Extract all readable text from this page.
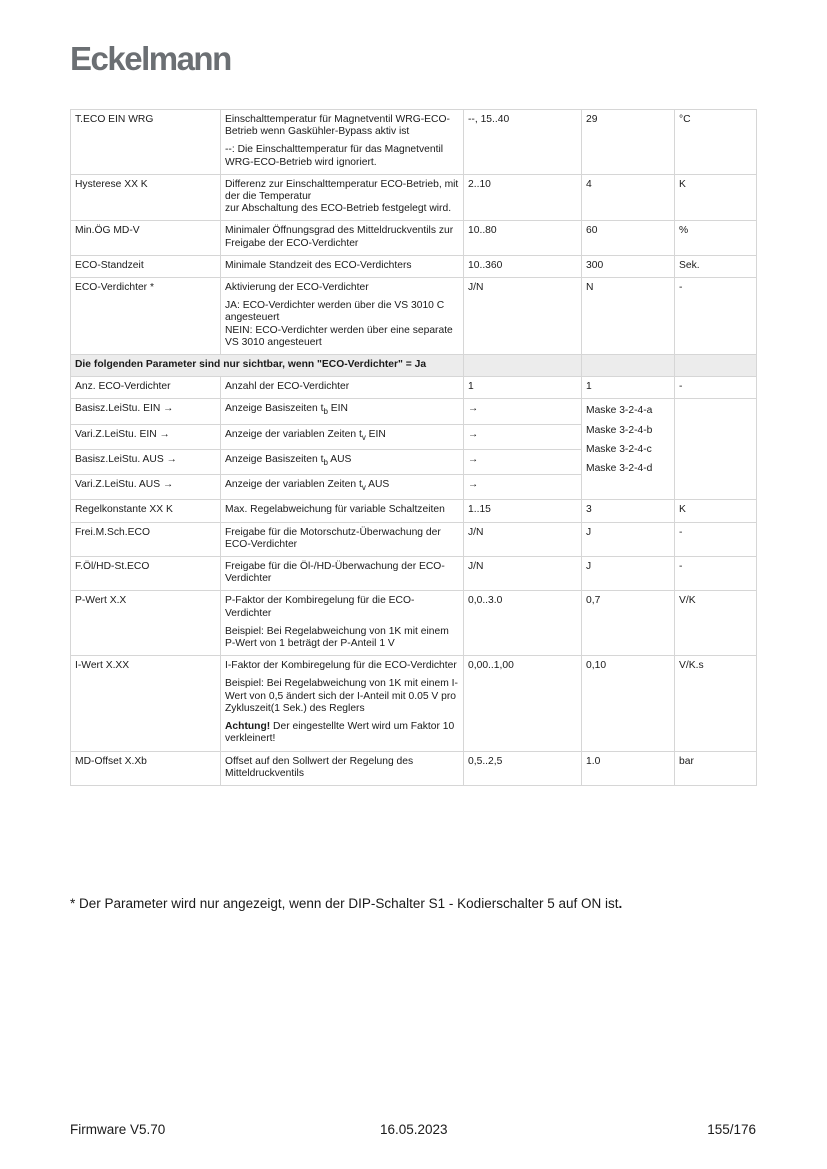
Eckelmann
T.ECO EIN WRG	Einschalttemperatur für Magnetventil WRG-ECO-Betrieb wenn Gaskühler-Bypass aktiv ist

--: Die Einschalttemperatur für das Magnetventil WRG-ECO-Betrieb wird ignoriert.	--, 15..40	29	°C
Hysterese XX K	Differenz zur Einschalttemperatur ECO-Betrieb, mit der die Temperatur
zur Abschaltung des ECO-Betrieb festgelegt wird.	2..10	4	K
Min.ÖG MD-V	Minimaler Öffnungsgrad des Mitteldruckventils zur Freigabe der ECO-Verdichter	10..80	60	%
ECO-Standzeit	Minimale Standzeit des ECO-Verdichters	10..360	300	Sek.
ECO-Verdichter *	Aktivierung der ECO-Verdichter

JA: ECO-Verdichter werden über die VS 3010 C angesteuert
NEIN: ECO-Verdichter werden über eine separate VS 3010 angesteuert	J/N	N	-
Die folgenden Parameter sind nur sichtbar, wenn "ECO-Verdichter" = Ja				
Anz. ECO-Verdichter	Anzahl der ECO-Verdichter	1	1	-
Basisz.LeiStu. EIN →	Anzeige Basiszeiten $t_b$ EIN	→	Maske 3-2-4-a
Maske 3-2-4-b
Maske 3-2-4-c
Maske 3-2-4-d	

Vari.Z.LeiStu. EIN →	Anzeige der variablen Zeiten $t_v$ EIN	→		
Basisz.LeiStu. AUS →	Anzeige Basiszeiten $t_b$ AUS	→		
Vari.Z.LeiStu. AUS →	Anzeige der variablen Zeiten $t_v$ AUS	→		
Regelkonstante XX K	Max. Regelabweichung für variable Schaltzeiten	1..15	3	K
Frei.M.Sch.ECO	Freigabe für die Motorschutz-Überwachung der ECO-Verdichter	J/N	J	-
F.Öl/HD-St.ECO	Freigabe für die Öl-/HD-Überwachung der ECO-Verdichter	J/N	J	-
P-Wert X.X	P-Faktor der Kombiregelung für die ECO-Verdichter

Beispiel: Bei Regelabweichung von 1K mit einem P-Wert von 1 beträgt der P-Anteil 1 V	0,0..3.0	0,7	V/K
I-Wert X.XX	I-Faktor der Kombiregelung für die ECO-Verdichter

Beispiel: Bei Regelabweichung von 1K mit einem I-Wert von 0,5 ändert sich der I-Anteil mit 0.05 V pro Zykluszeit(1 Sek.) des Reglers

Achtung! Der eingestellte Wert wird um Faktor 10 verkleinert!	0,00..1,00	0,10	V/K.s
MD-Offset X.Xb	Offset auf den Sollwert der Regelung des Mitteldruckventils	0,5..2,5	1.0	bar
* Der Parameter wird nur angezeigt, wenn der DIP-Schalter S1 - Kodierschalter 5 auf ON ist.
Firmware V5.70	16.05.2023	155/176
